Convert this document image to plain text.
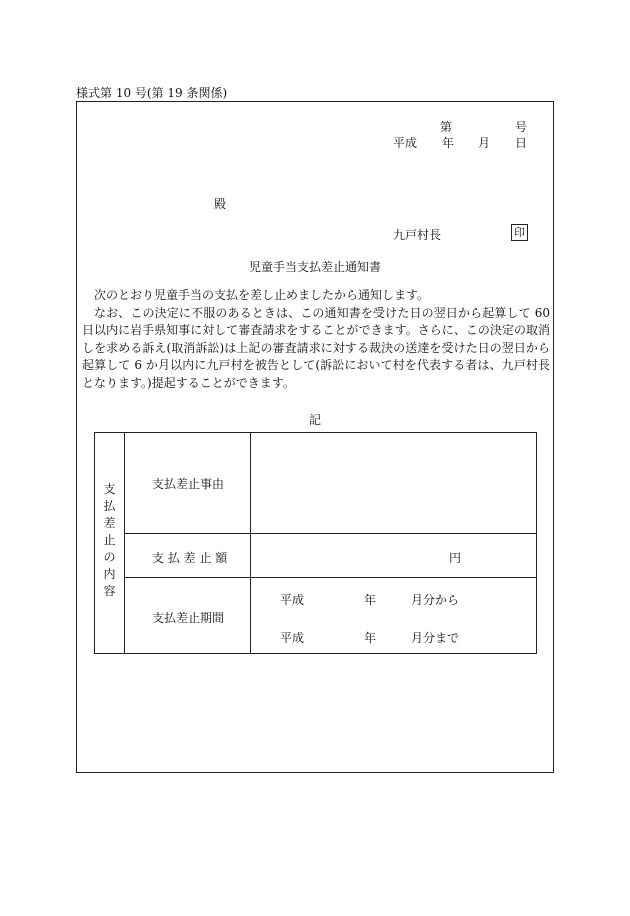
様式第 10 号(第 19 条関係)
第	号
平成 年 月 日
殿
九戸村長	印
児童手当支払差止通知書

次のとおり児童手当の支払を差し止めましたから通知します。

なお、この決定に不服のあるときは、この通知書を受けた日の翌日から起算して 60 日以内に岩手県知事に対して審査請求をすることができます。さらに、この決定の取消しを求める訴え(取消訴訟)は上記の審査請求に対する裁決の送達を受けた日の翌日から起算して 6 か月以内に九戸村を被告として(訴訟において村を代表する者は、九戸村長となります。)提起することができます。

記
支
払
差
止
の
内
容
支払差止事由
支 払 差 止 額	円
支払差止期間
平成	年	月分から
平成	年	月分まで
